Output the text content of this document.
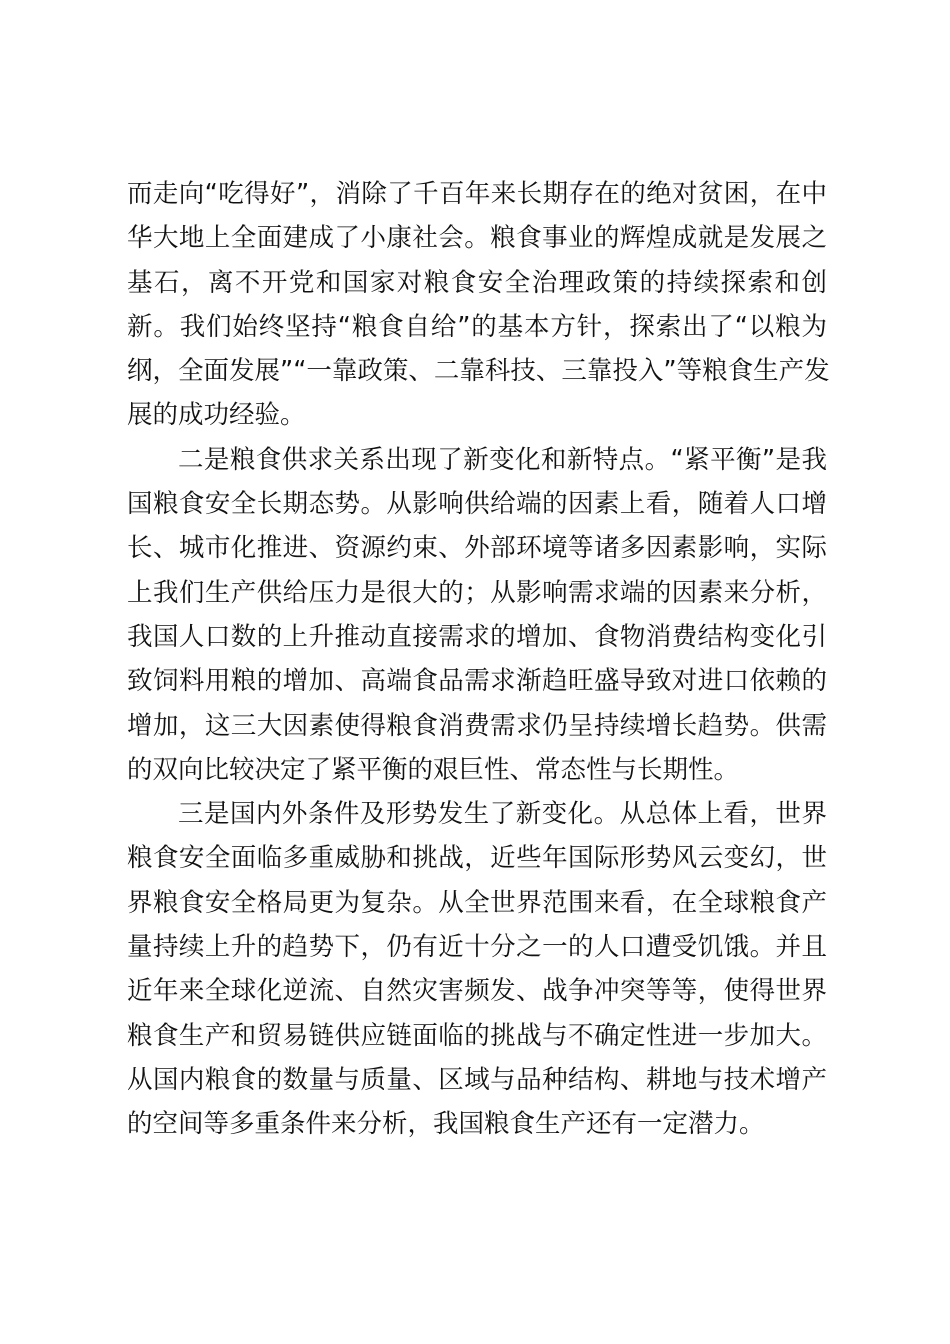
而走向“吃得好”，消除了千百年来长期存在的绝对贫困，在中
华大地上全面建成了小康社会。粮食事业的辉煌成就是发展之
基石，离不开党和国家对粮食安全治理政策的持续探索和创
新。我们始终坚持“粮食自给”的基本方针，探索出了“以粮为
纲，全面发展”“一靠政策、二靠科技、三靠投入”等粮食生产发
展的成功经验。
二是粮食供求关系出现了新变化和新特点。“紧平衡”是我
国粮食安全长期态势。从影响供给端的因素上看，随着人口增
长、城市化推进、资源约束、外部环境等诸多因素影响，实际
上我们生产供给压力是很大的；从影响需求端的因素来分析，
我国人口数的上升推动直接需求的增加、食物消费结构变化引
致饲料用粮的增加、高端食品需求渐趋旺盛导致对进口依赖的
增加，这三大因素使得粮食消费需求仍呈持续增长趋势。供需
的双向比较决定了紧平衡的艰巨性、常态性与长期性。
三是国内外条件及形势发生了新变化。从总体上看，世界
粮食安全面临多重威胁和挑战，近些年国际形势风云变幻，世
界粮食安全格局更为复杂。从全世界范围来看，在全球粮食产
量持续上升的趋势下，仍有近十分之一的人口遭受饥饿。并且
近年来全球化逆流、自然灾害频发、战争冲突等等，使得世界
粮食生产和贸易链供应链面临的挑战与不确定性进一步加大。
从国内粮食的数量与质量、区域与品种结构、耕地与技术增产
的空间等多重条件来分析，我国粮食生产还有一定潜力。
